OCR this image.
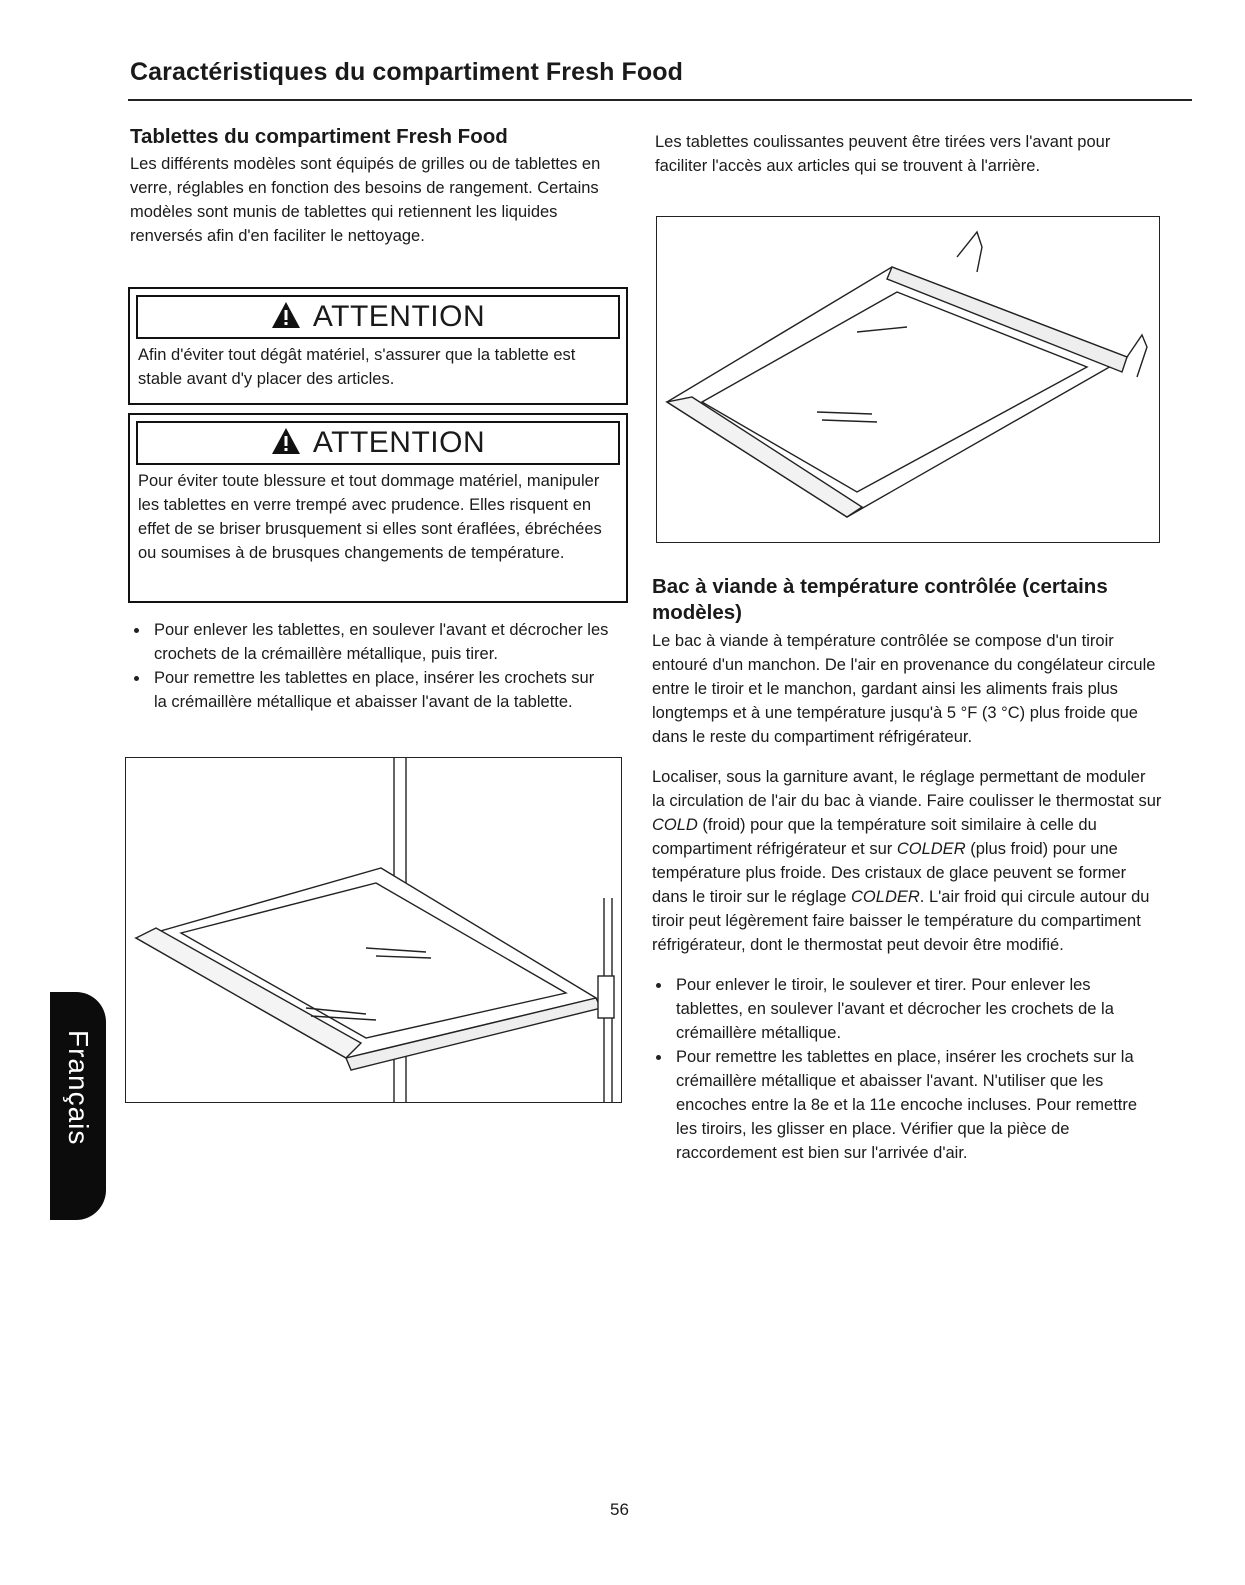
Caractéristiques du compartiment Fresh Food
Tablettes du compartiment Fresh Food

Les différents modèles sont équipés de grilles ou de tablettes en verre, réglables en fonction des besoins de rangement. Certains modèles sont munis de tablettes qui retiennent les liquides renversés afin d'en faciliter le nettoyage.

ATTENTION
Afin d'éviter tout dégât matériel, s'assurer que la tablette est stable avant d'y placer des articles.
ATTENTION
Pour éviter toute blessure et tout dommage matériel, manipuler les tablettes en verre trempé avec prudence. Elles risquent en effet de se briser brusquement si elles sont éraflées, ébréchées ou soumises à de brusques changements de température.
Pour enlever les tablettes, en soulever l'avant et décrocher les crochets de la crémaillère métallique, puis tirer.
Pour remettre les tablettes en place, insérer les crochets sur la crémaillère métallique et abaisser l'avant de la tablette.

Les tablettes coulissantes peuvent être tirées vers l'avant pour faciliter l'accès aux articles qui se trouvent à l'arrière.

Bac à viande à température contrôlée (certains modèles)

Le bac à viande à température contrôlée se compose d'un tiroir entouré d'un manchon. De l'air en provenance du congélateur circule entre le tiroir et le manchon, gardant ainsi les aliments frais plus longtemps et à une température jusqu'à 5 °F (3 °C) plus froide que dans le reste du compartiment réfrigérateur.

Localiser, sous la garniture avant, le réglage permettant de moduler la circulation de l'air du bac à viande. Faire coulisser le thermostat sur COLD (froid) pour que la température soit similaire à celle du compartiment réfrigérateur et sur COLDER (plus froid) pour une température plus froide. Des cristaux de glace peuvent se former dans le tiroir sur le réglage COLDER. L'air froid qui circule autour du tiroir peut légèrement faire baisser le température du compartiment réfrigérateur, dont le thermostat peut devoir être modifié.

Pour enlever le tiroir, le soulever et tirer. Pour enlever les tablettes, en soulever l'avant et décrocher les crochets de la crémaillère métallique.
Pour remettre les tablettes en place, insérer les crochets sur la crémaillère métallique et abaisser l'avant. N'utiliser que les encoches entre la 8e et la 11e encoche incluses. Pour remettre les tiroirs, les glisser en place. Vérifier que la pièce de raccordement est bien sur l'arrivée d'air.
Français
56
